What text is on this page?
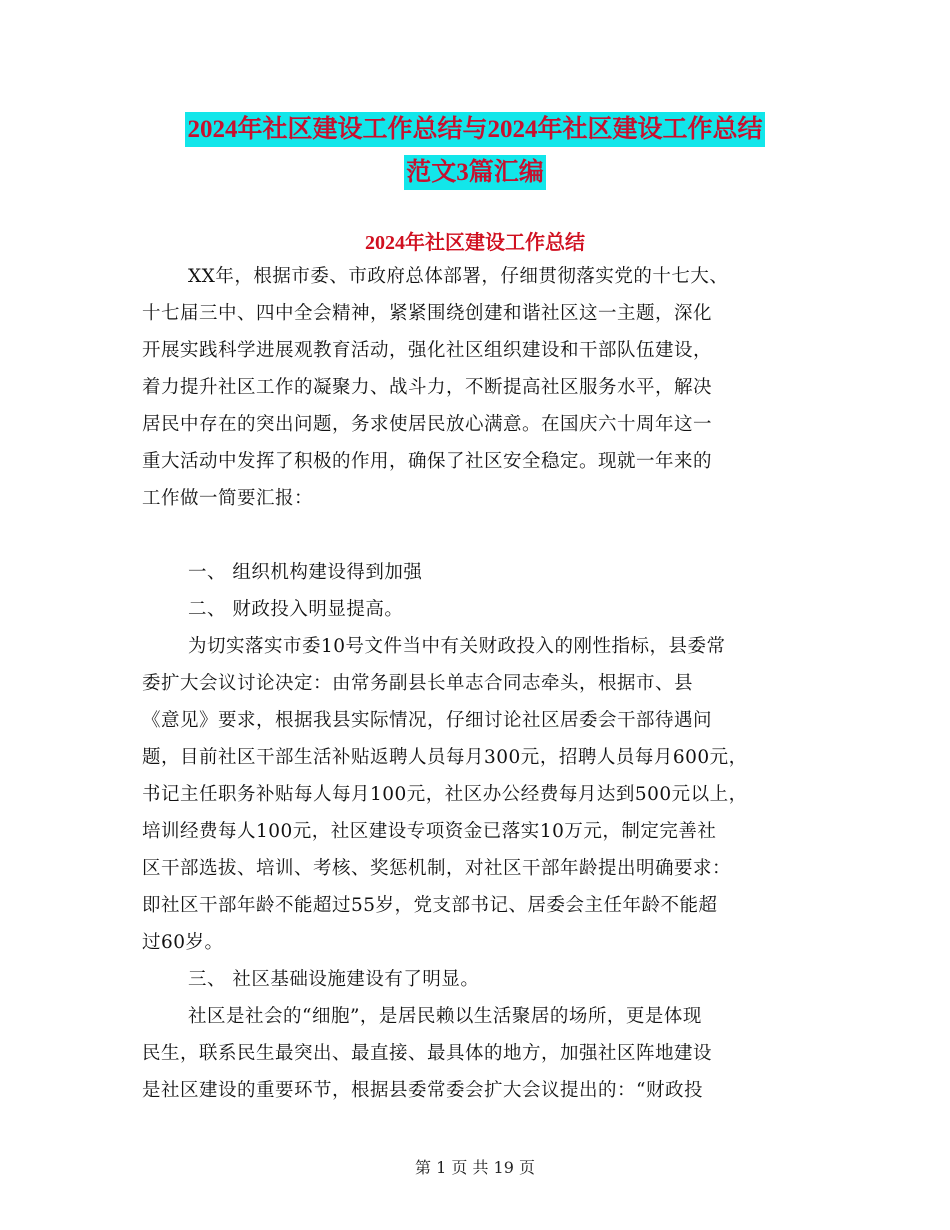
2024年社区建设工作总结与2024年社区建设工作总结
范文3篇汇编
2024年社区建设工作总结
XX年，根据市委、市政府总体部署，仔细贯彻落实党的十七大、
十七届三中、四中全会精神，紧紧围绕创建和谐社区这一主题，深化
开展实践科学进展观教育活动，强化社区组织建设和干部队伍建设，
着力提升社区工作的凝聚力、战斗力，不断提高社区服务水平，解决
居民中存在的突出问题，务求使居民放心满意。在国庆六十周年这一
重大活动中发挥了积极的作用，确保了社区安全稳定。现就一年来的
工作做一简要汇报：
一、 组织机构建设得到加强
二、 财政投入明显提高。
为切实落实市委10号文件当中有关财政投入的刚性指标，县委常
委扩大会议讨论决定：由常务副县长单志合同志牵头，根据市、县
《意见》要求，根据我县实际情况，仔细讨论社区居委会干部待遇问
题，目前社区干部生活补贴返聘人员每月300元，招聘人员每月600元，
书记主任职务补贴每人每月100元，社区办公经费每月达到500元以上，
培训经费每人100元，社区建设专项资金已落实10万元，制定完善社
区干部选拔、培训、考核、奖惩机制，对社区干部年龄提出明确要求：
即社区干部年龄不能超过55岁，党支部书记、居委会主任年龄不能超
过60岁。
三、 社区基础设施建设有了明显。
社区是社会的“细胞”，是居民赖以生活聚居的场所，更是体现
民生，联系民生最突出、最直接、最具体的地方，加强社区阵地建设
是社区建设的重要环节，根据县委常委会扩大会议提出的：“财政投
第 1 页 共 19 页
